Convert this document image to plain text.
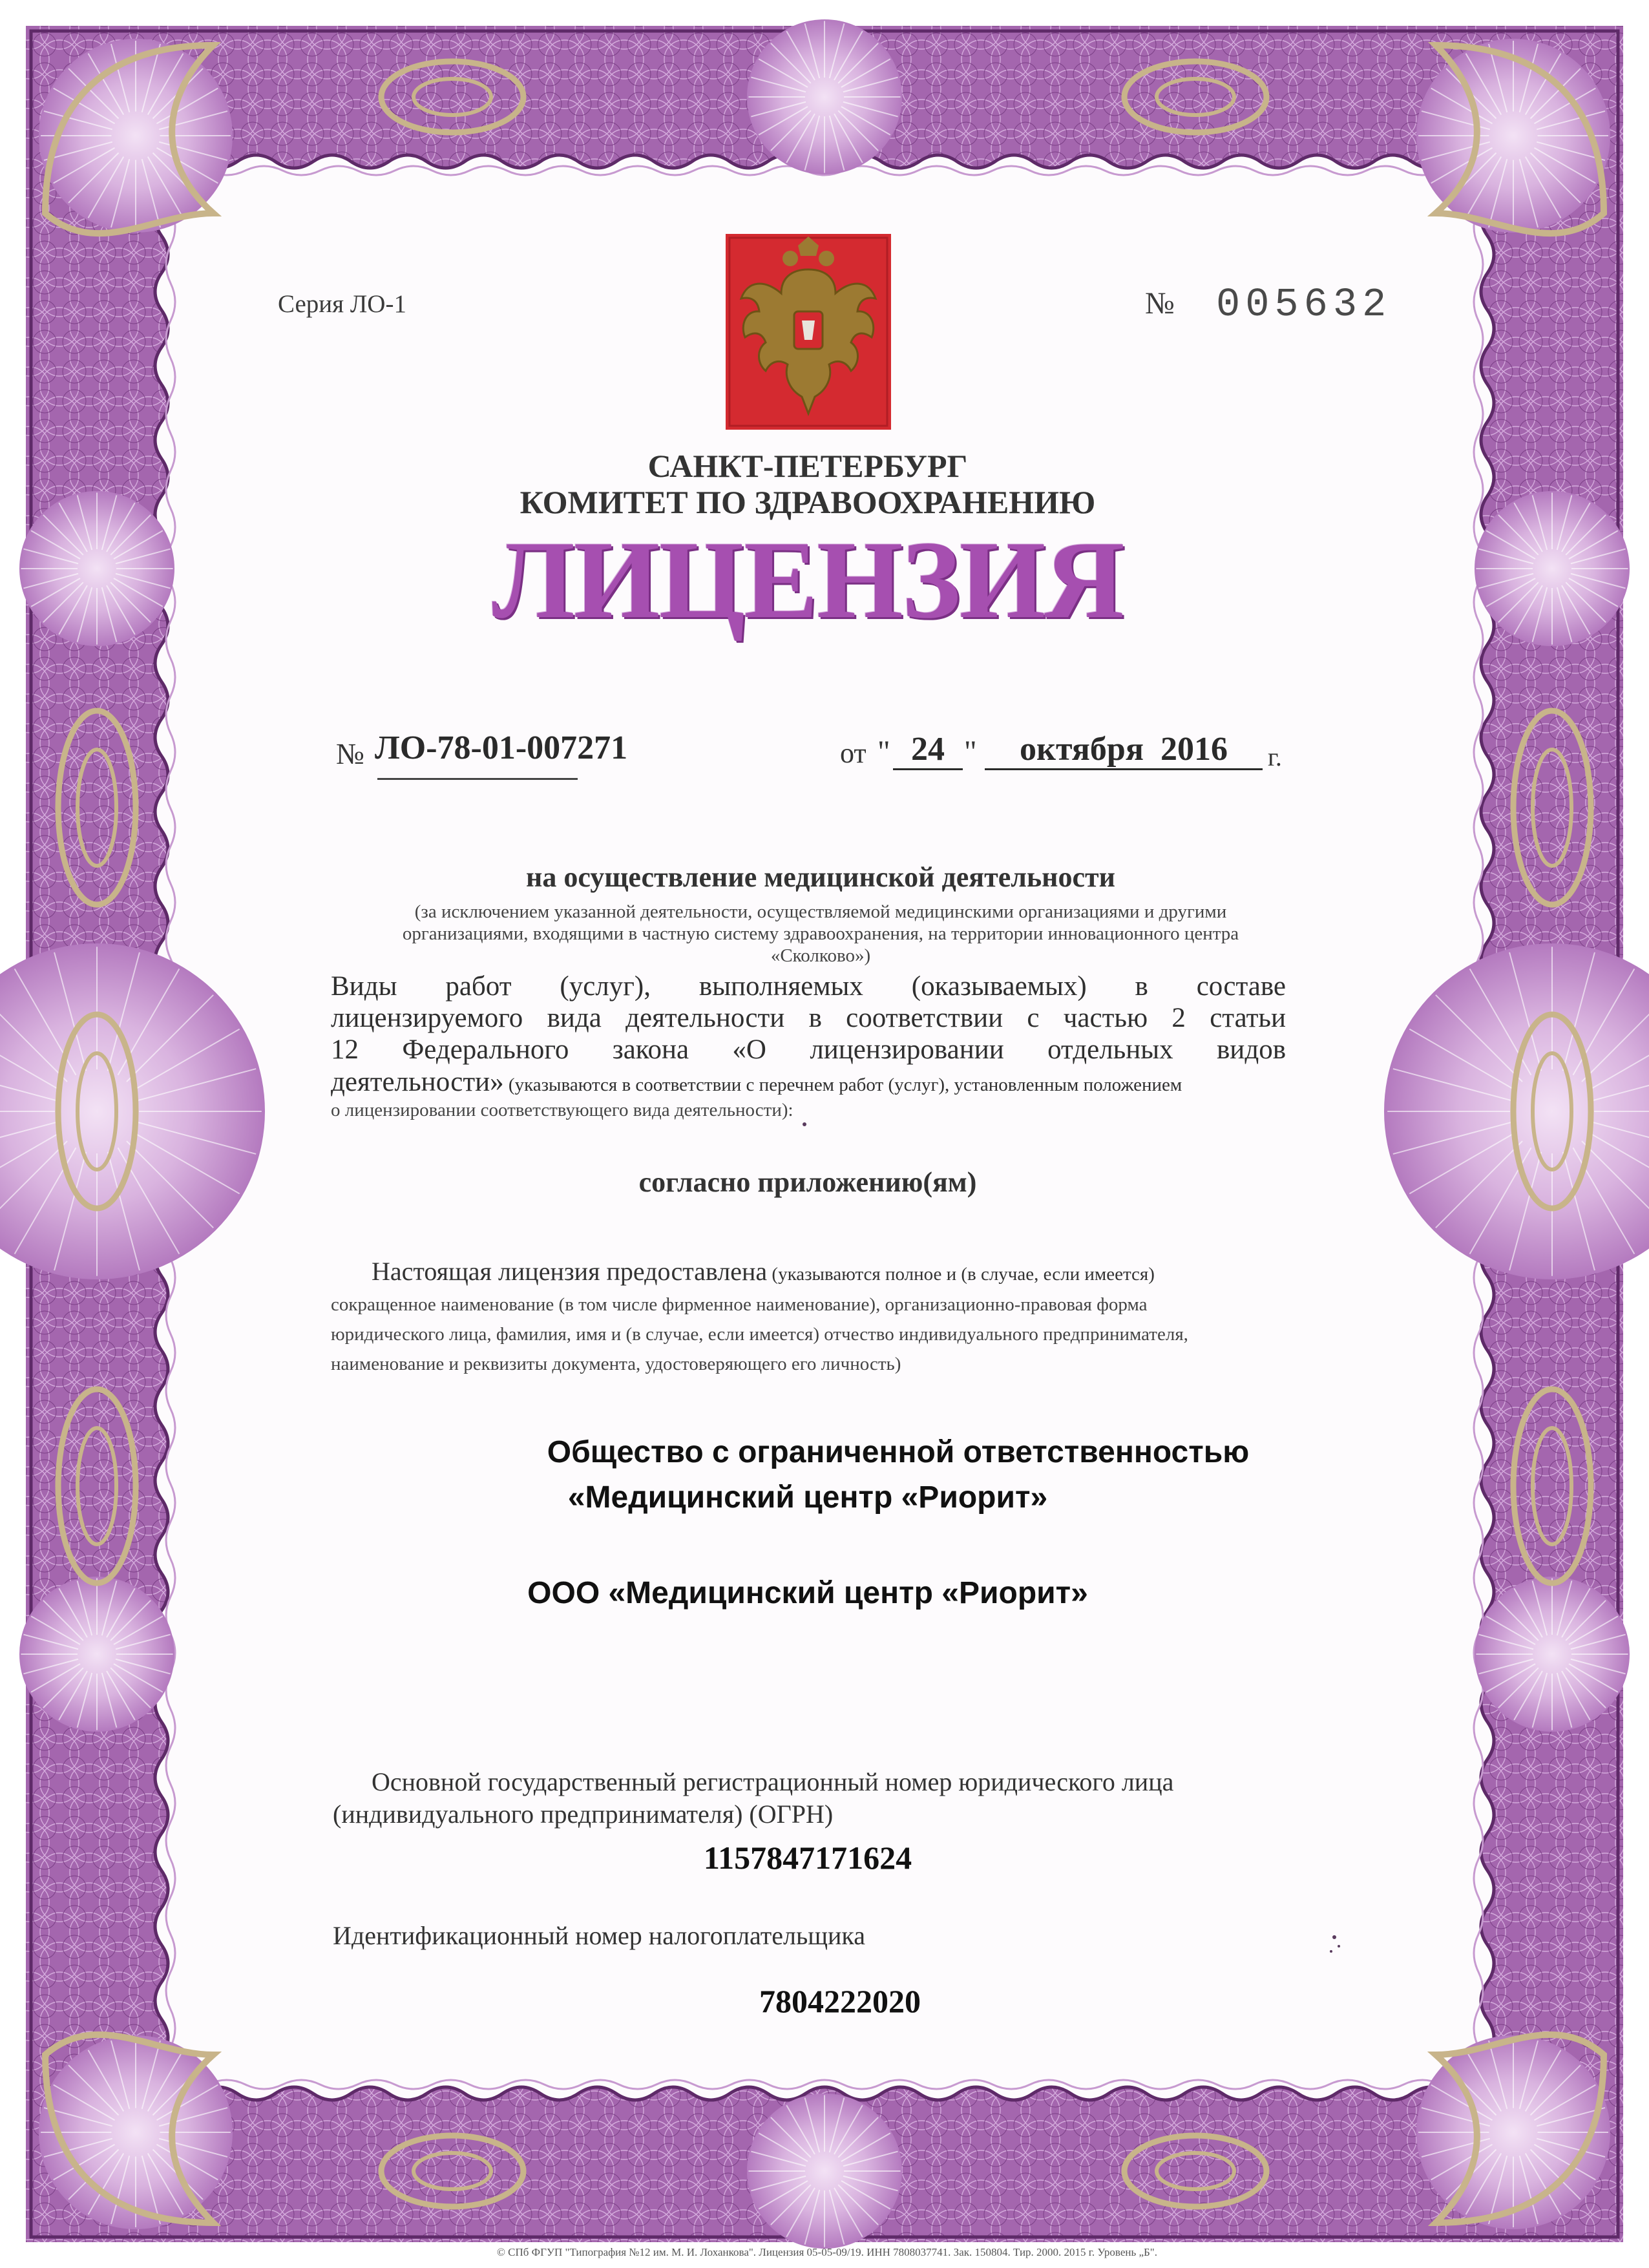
Серия ЛО-1	№ 005632
САНКТ-ПЕТЕРБУРГ
КОМИТЕТ ПО ЗДРАВООХРАНЕНИЮ
ЛИЦЕНЗИЯ
№ ЛО-78-01-007271	от " 24 "	октября  2016	г.
на осуществление медицинской деятельности
(за исключением указанной деятельности, осуществляемой медицинскими организациями и другими
организациями, входящими в частную систему здравоохранения, на территории инновационного центра
«Сколково»)
Виды работ (услуг), выполняемых (оказываемых) в составе
лицензируемого вида деятельности в соответствии с частью 2 статьи
12 Федерального закона «О лицензировании отдельных видов
деятельности» (указываются в соответствии с перечнем работ (услуг), установленным положением
о лицензировании соответствующего вида деятельности):
согласно приложению(ям)
Настоящая лицензия предоставлена (указываются полное и (в случае, если имеется)
сокращенное наименование (в том числе фирменное наименование), организационно-правовая форма
юридического лица, фамилия, имя и (в случае, если имеется) отчество индивидуального предпринимателя,
наименование и реквизиты документа, удостоверяющего его личность)
Общество с ограниченной ответственностью
«Медицинский центр «Риорит»
ООО «Медицинский центр «Риорит»
Основной государственный регистрационный номер юридического лица
(индивидуального предпринимателя) (ОГРН)
1157847171624
Идентификационный номер налогоплательщика
7804222020
© СПб ФГУП "Типография №12 им. М. И. Лоханкова". Лицензия 05-05-09/19. ИНН 7808037741. Зак. 150804. Тир. 2000. 2015 г. Уровень „Б".
